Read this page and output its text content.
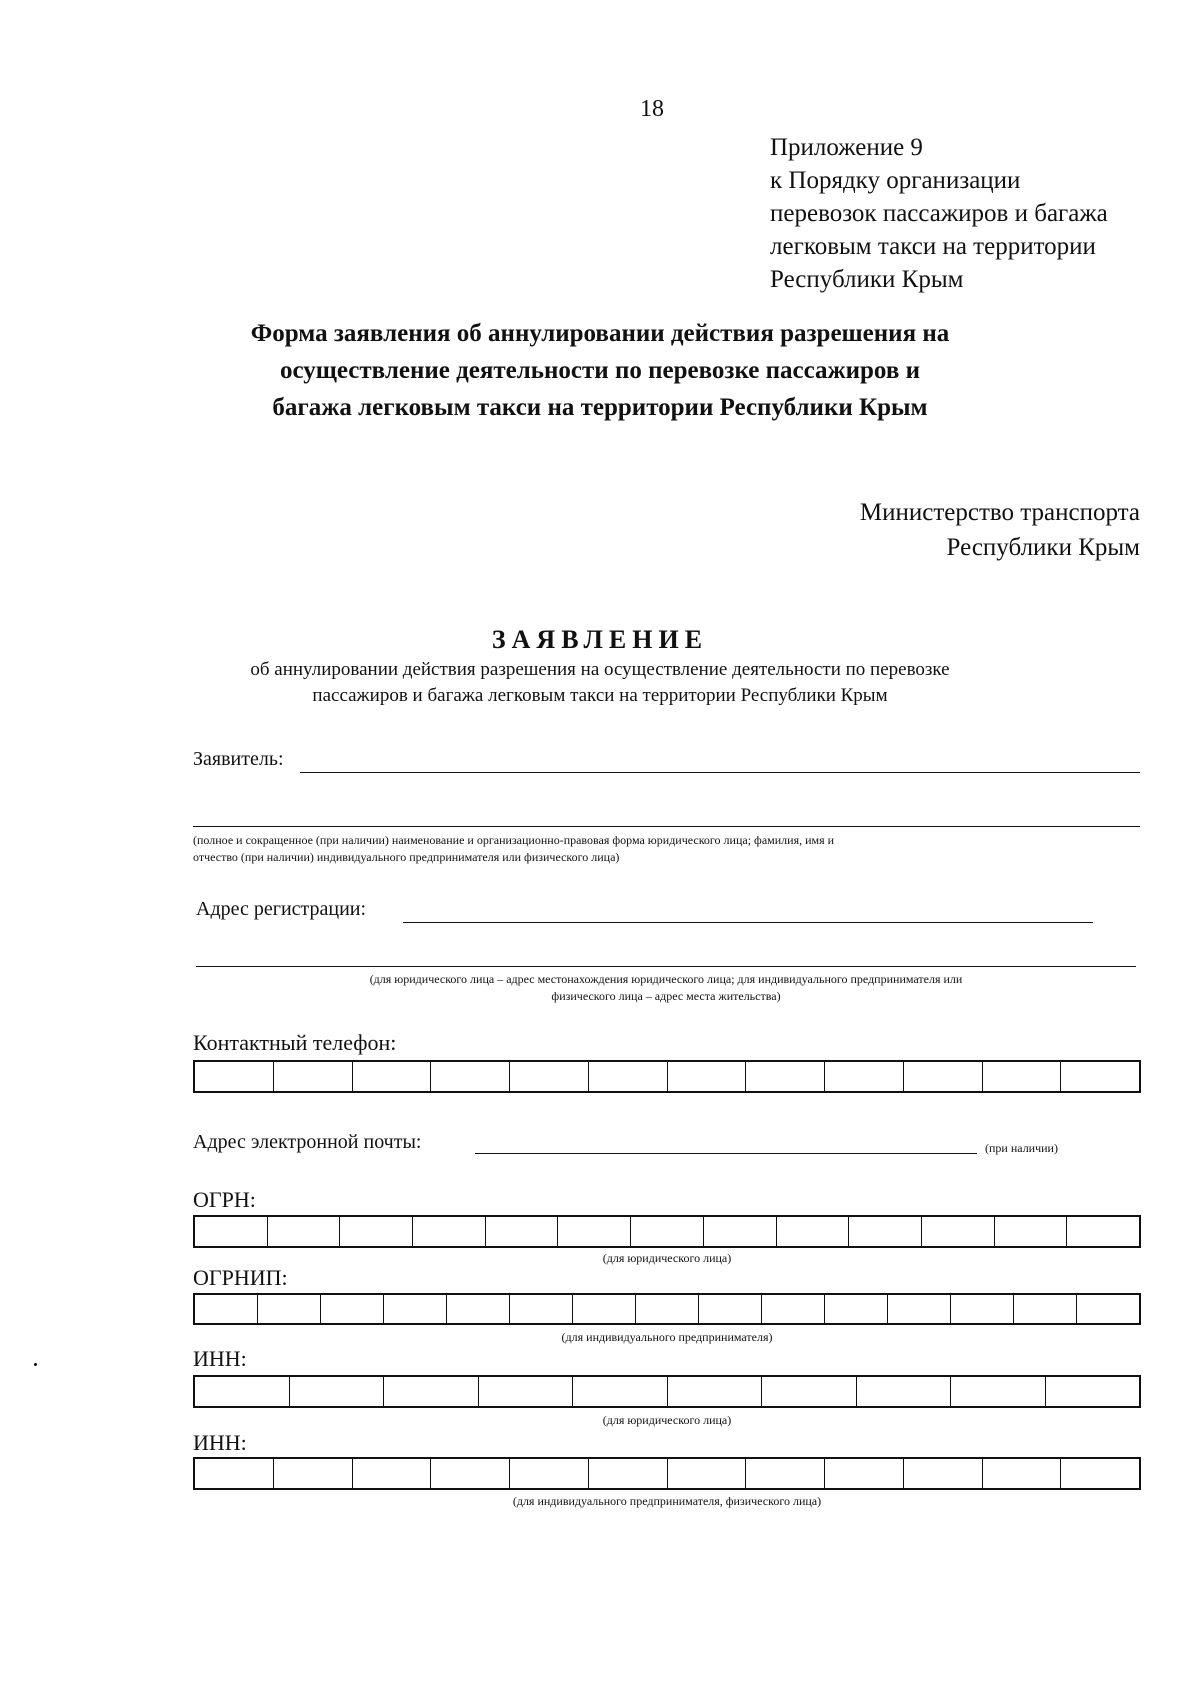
18
Приложение 9
к Порядку организации
перевозок пассажиров и багажа
легковым такси на территории
Республики Крым
Форма заявления об аннулировании действия разрешения на
осуществление деятельности по перевозке пассажиров и
багажа легковым такси на территории Республики Крым
Министерство транспорта
Республики Крым
ЗАЯВЛЕНИЕ
об аннулировании действия разрешения на осуществление деятельности по перевозке
пассажиров и багажа легковым такси на территории Республики Крым
Заявитель:
(полное и сокращенное (при наличии) наименование и организационно-правовая форма юридического лица; фамилия, имя и
отчество (при наличии) индивидуального предпринимателя или физического лица)
Адрес регистрации:
(для юридического лица – адрес местонахождения юридического лица; для индивидуального предпринимателя или
физического лица – адрес места жительства)
Контактный телефон:
Адрес электронной почты:	(при наличии)
ОГРН:
(для юридического лица)
ОГРНИП:
(для индивидуального предпринимателя)
ИНН:
(для юридического лица)
ИНН:
(для индивидуального предпринимателя, физического лица)
